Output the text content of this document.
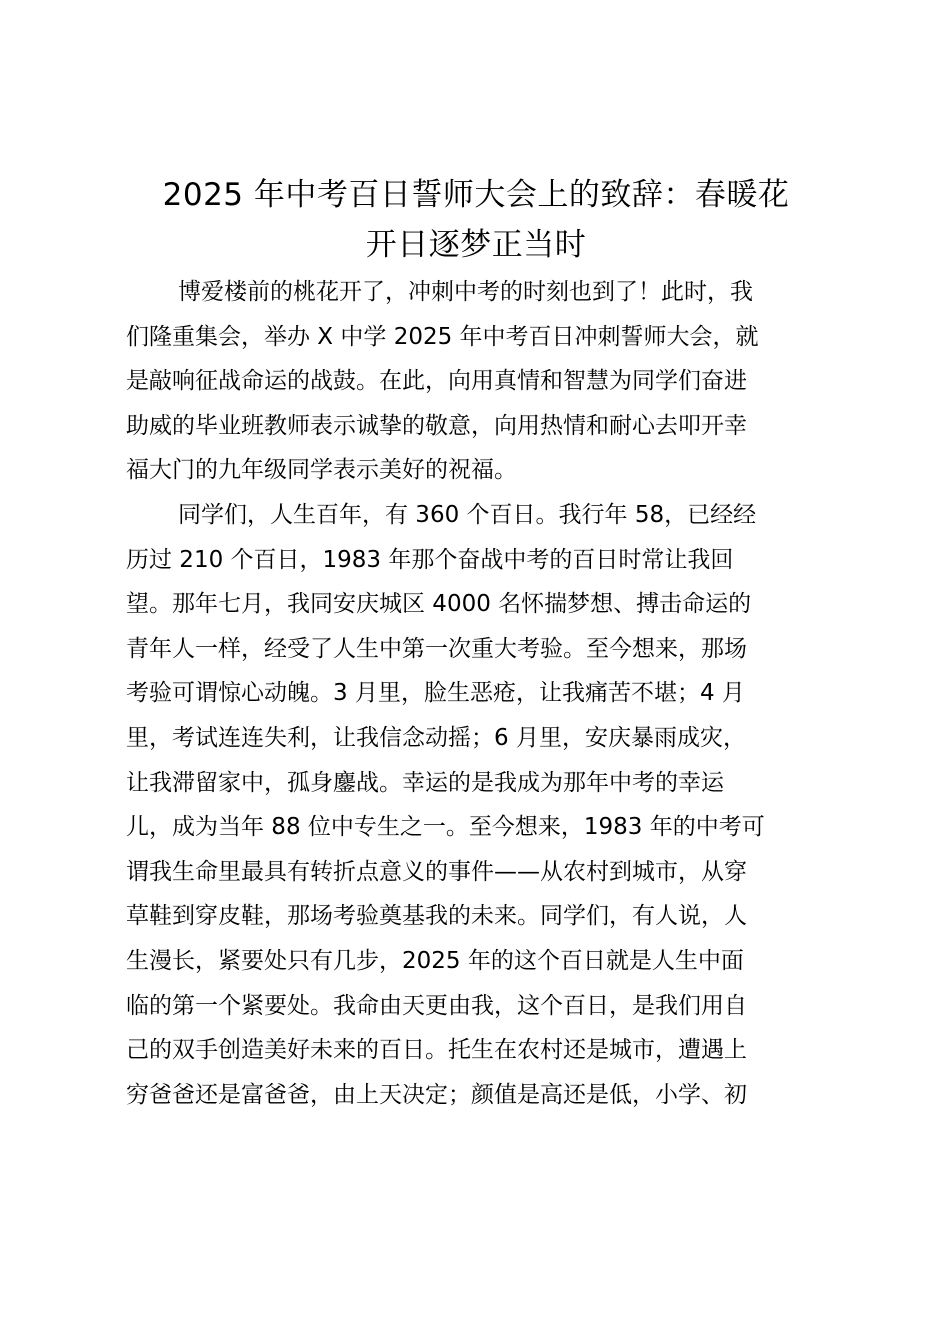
2025 年中考百日誓师大会上的致辞：春暖花
开日逐梦正当时
博爱楼前的桃花开了，冲刺中考的时刻也到了！此时，我
们隆重集会，举办 X 中学 2025 年中考百日冲刺誓师大会，就
是敲响征战命运的战鼓。在此，向用真情和智慧为同学们奋进
助威的毕业班教师表示诚挚的敬意，向用热情和耐心去叩开幸
福大门的九年级同学表示美好的祝福。
同学们，人生百年，有 360 个百日。我行年 58，已经经
历过 210 个百日，1983 年那个奋战中考的百日时常让我回
望。那年七月，我同安庆城区 4000 名怀揣梦想、搏击命运的
青年人一样，经受了人生中第一次重大考验。至今想来，那场
考验可谓惊心动魄。3 月里，脸生恶疮，让我痛苦不堪；4 月
里，考试连连失利，让我信念动摇；6 月里，安庆暴雨成灾，
让我滞留家中，孤身鏖战。幸运的是我成为那年中考的幸运
儿，成为当年 88 位中专生之一。至今想来，1983 年的中考可
谓我生命里最具有转折点意义的事件——从农村到城市，从穿
草鞋到穿皮鞋，那场考验奠基我的未来。同学们，有人说，人
生漫长，紧要处只有几步，2025 年的这个百日就是人生中面
临的第一个紧要处。我命由天更由我，这个百日，是我们用自
己的双手创造美好未来的百日。托生在农村还是城市，遭遇上
穷爸爸还是富爸爸，由上天决定；颜值是高还是低，小学、初
